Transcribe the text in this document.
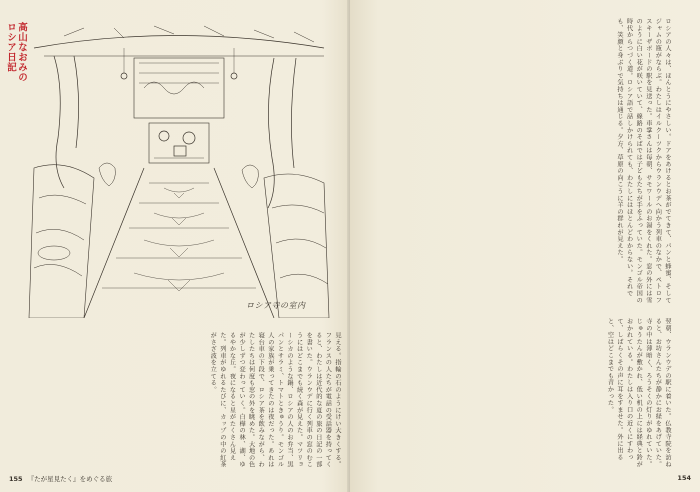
高山なおみの
ロシア日記
ロシア寺の室内

見える。指輪の石のようにけい大きくする。フランスの人たちが電話の受話器を持ってくると、わたしは近代的な夏の旅の日記の一部を書いた。ウランウデに行く列車の窓のむこうにはどこまでも続く森が見えた。マツリョーシカのような鍋、ロシアの人のお弁当、黒パンとサラミ、トマトときゅうり。モンゴル人の家族が乗ってきたのは夜だった。あれは寝台車の下段で、ロシア茶を飲みながら、わたしたちは何度も窓の外を眺めた。大地の色が少しずつ変わっていく。白樺の林、湖、ゆるやかな丘。夜になると星がたくさん見えた。列車がゆれるたびに、カップの中の紅茶がさざ波を立てる。

155 『たが星見たく』をめぐる旅

ロシアの人々は、ほんとうにやさしい。ドアをあけるとお茶がでてきて、パンと蜂蜜、そしてジャムの瓶がならぶ。わたしはイルクーツクからウランウデへ向かう列車のなかで、ペトロフスキーザボードの駅を見送った。車掌さんは毎朝、サモワールのお湯をくれた。窓の外には雪のように白い花が咲いていて、線路のそばでは子どもたちが手をふっていた。モンゴル帝国の時代からつづく道。ロシア語で話しかけられても、わたしにはほとんどわからない。それでも、笑顔と身ぶりで気持ちは通じる。夕方、草原の向こうに羊の群れが見えた。

翌朝、ウランウデの駅に着いた。仏教寺院を訪ねると、お坊さんたちが静かにお経をあげていた。寺の中は薄暗く、ろうそくの灯りがゆれていた。じゅうたんが敷かれ、低い机の上には経典と鈴がおかれている。わたしは入り口の近くにすわって、しばらくその声に耳をすませた。外に出ると、空はどこまでも青かった。

154
